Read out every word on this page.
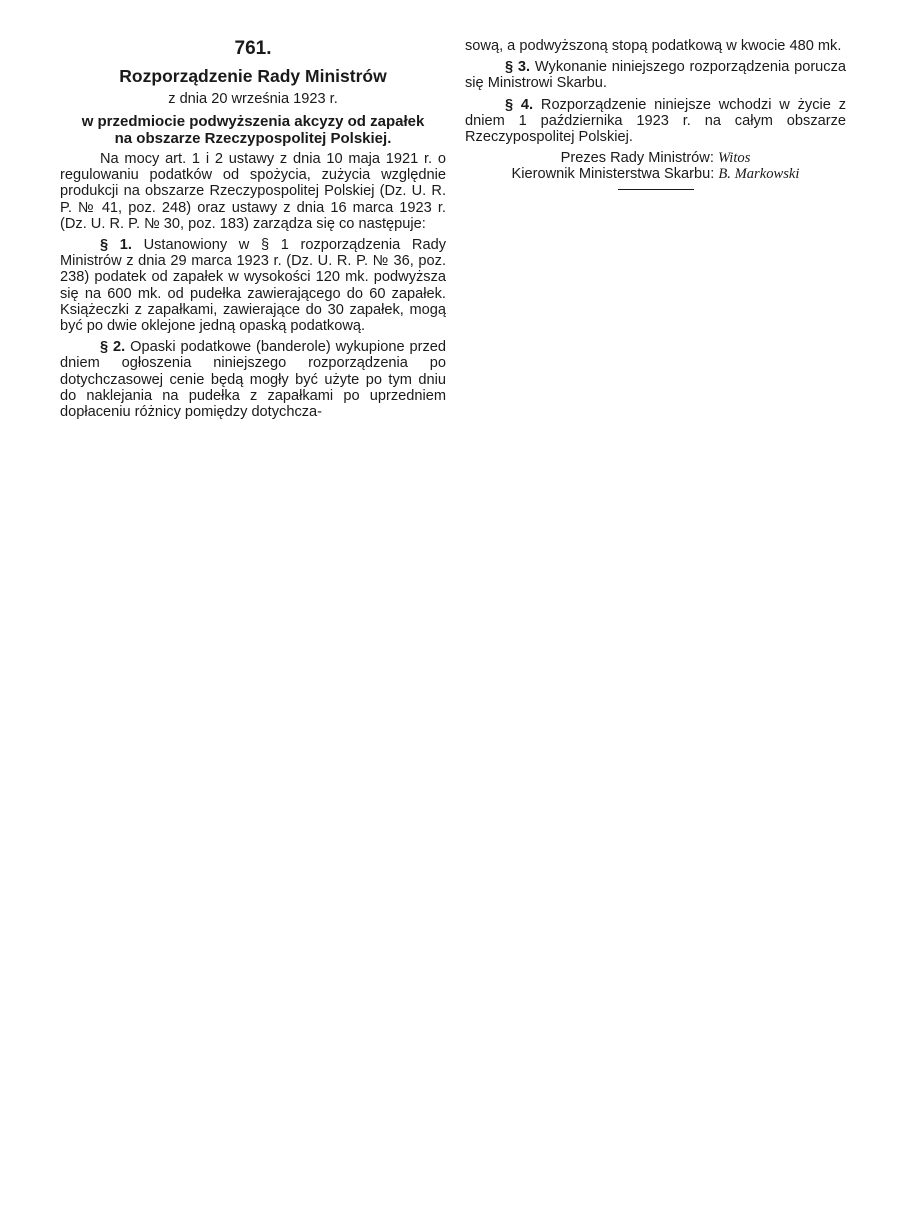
761.

Rozporządzenie Rady Ministrów

z dnia 20 września 1923 r.

w przedmiocie podwyższenia akcyzy od zapałek
na obszarze Rzeczypospolitej Polskiej.

Na mocy art. 1 i 2 ustawy z dnia 10 maja 1921 r. o regulowaniu podatków od spożycia, zużycia względnie produkcji na obszarze Rzeczypospolitej Polskiej (Dz. U. R. P. № 41, poz. 248) oraz ustawy z dnia 16 marca 1923 r. (Dz. U. R. P. № 30, poz. 183) zarządza się co następuje:

§ 1. Ustanowiony w § 1 rozporządzenia Rady Ministrów z dnia 29 marca 1923 r. (Dz. U. R. P. № 36, poz. 238) podatek od zapałek w wysokości 120 mk. podwyższa się na 600 mk. od pudełka zawierającego do 60 zapałek. Książeczki z zapałkami, zawierające do 30 zapałek, mogą być po dwie oklejone jedną opaską podatkową.

§ 2. Opaski podatkowe (banderole) wykupione przed dniem ogłoszenia niniejszego rozporządzenia po dotychczasowej cenie będą mogły być użyte po tym dniu do naklejania na pudełka z zapałkami po uprzedniem dopłaceniu różnicy pomiędzy dotychcza-

sową, a podwyższoną stopą podatkową w kwocie 480 mk.

§ 3. Wykonanie niniejszego rozporządzenia poruczа się Ministrowi Skarbu.

§ 4. Rozporządzenie niniejsze wchodzi w życie z dniem 1 października 1923 r. na całym obszarze Rzeczypospolitej Polskiej.

Prezes Rady Ministrów: Witos

Kierownik Ministerstwa Skarbu: B. Markowski
